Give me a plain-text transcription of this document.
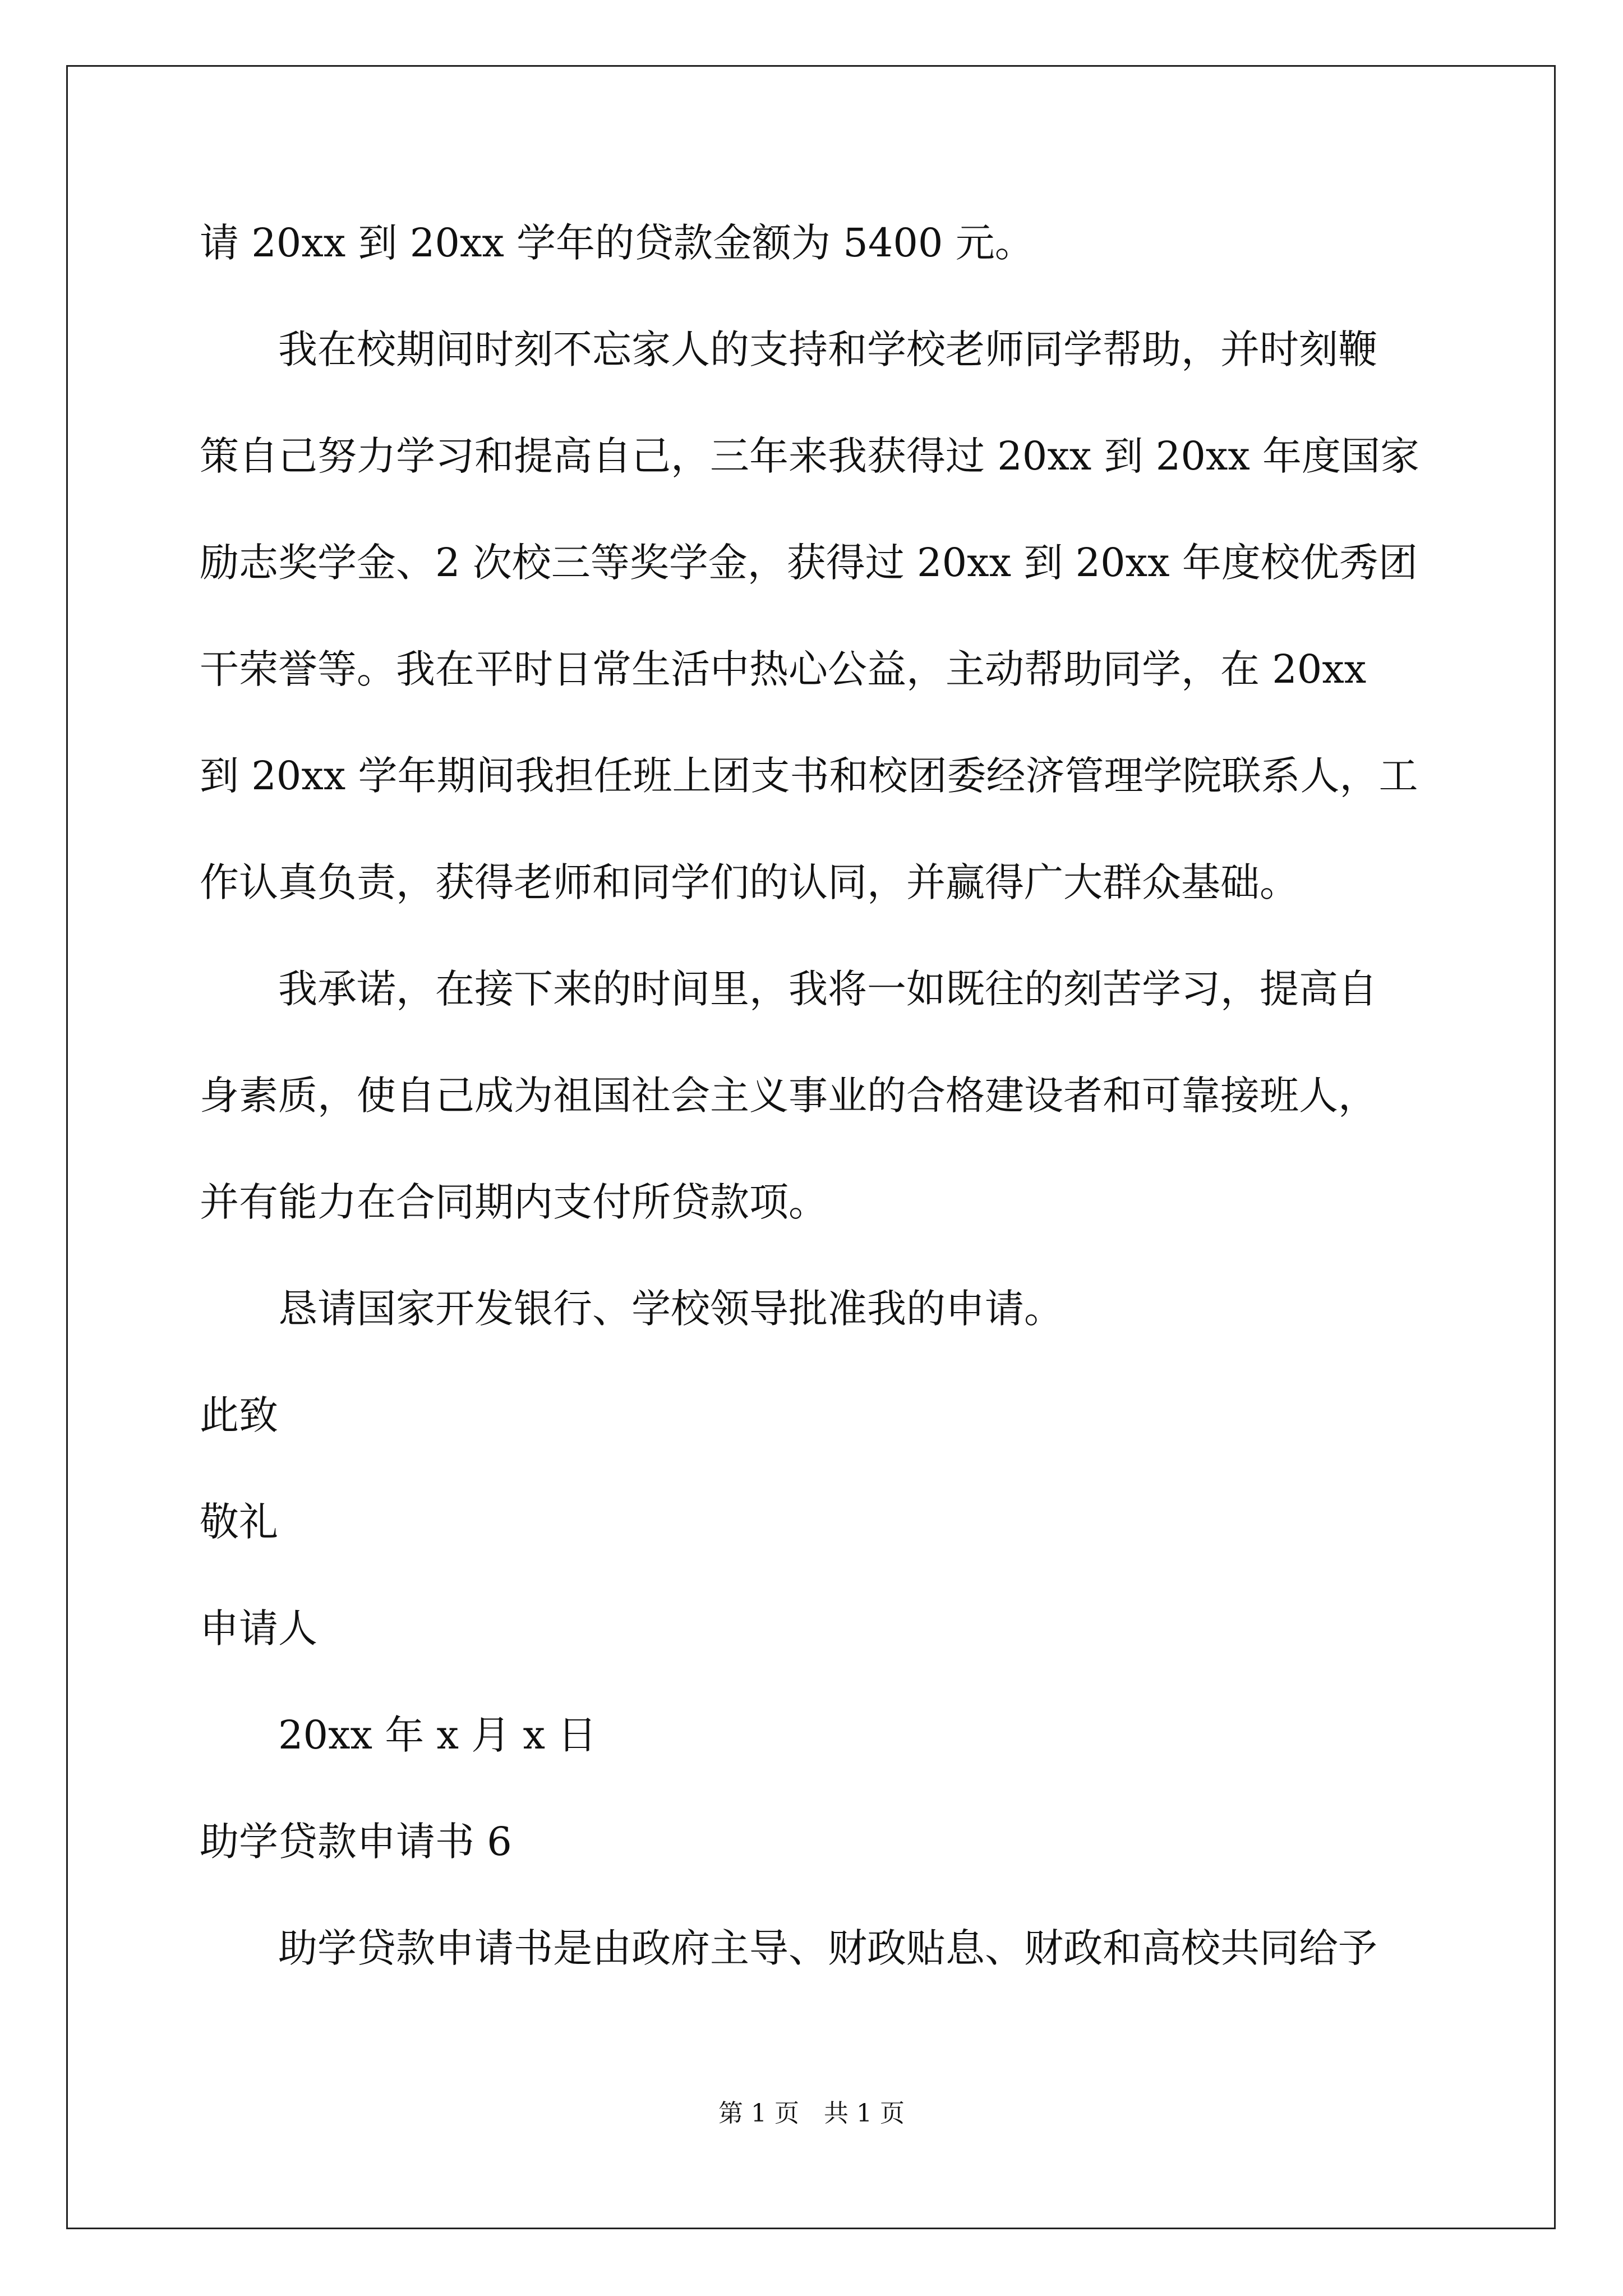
请 20xx 到 20xx 学年的贷款金额为 5400 元。
我在校期间时刻不忘家人的支持和学校老师同学帮助，并时刻鞭
策自己努力学习和提高自己，三年来我获得过 20xx 到 20xx 年度国家
励志奖学金、2 次校三等奖学金，获得过 20xx 到 20xx 年度校优秀团
干荣誉等。我在平时日常生活中热心公益，主动帮助同学，在 20xx
到 20xx 学年期间我担任班上团支书和校团委经济管理学院联系人，工
作认真负责，获得老师和同学们的认同，并赢得广大群众基础。
我承诺，在接下来的时间里，我将一如既往的刻苦学习，提高自
身素质，使自己成为祖国社会主义事业的合格建设者和可靠接班人，
并有能力在合同期内支付所贷款项。
恳请国家开发银行、学校领导批准我的申请。
此致
敬礼
申请人
20xx 年 x 月 x 日
助学贷款申请书 6
助学贷款申请书是由政府主导、财政贴息、财政和高校共同给予
第 1 页　共 1 页
